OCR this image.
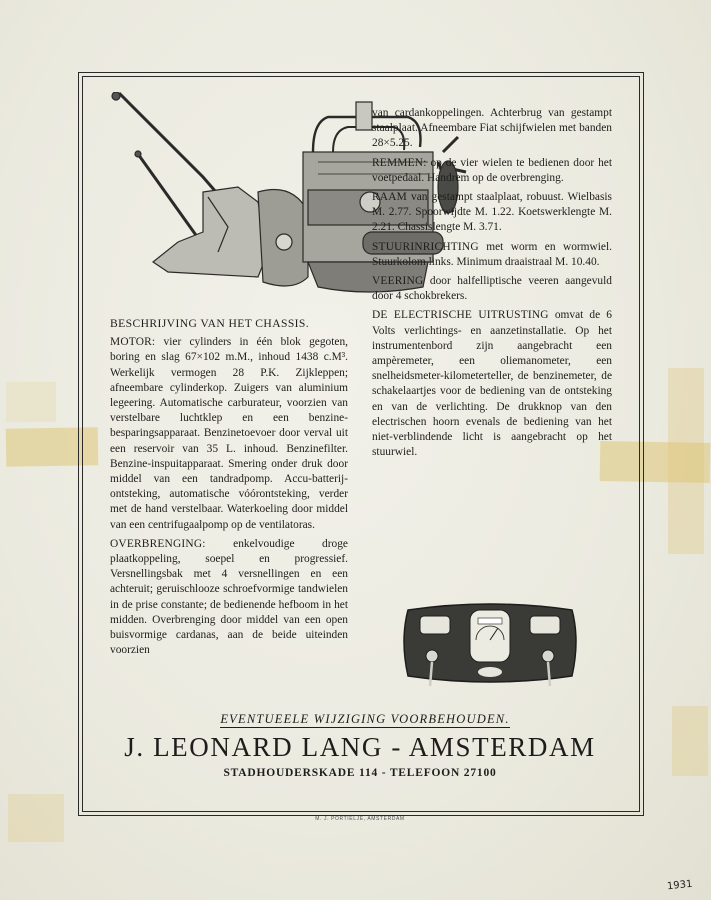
BESCHRIJVING VAN HET CHASSIS.

MOTOR: vier cylinders in één blok gegoten, boring en slag 67×102 m.M., inhoud 1438 c.M³. Werkelijk vermogen 28 P.K. Zijkleppen; afneembare cylinderkop. Zuigers van aluminium legeering. Automatische carburateur, voorzien van verstelbare luchtklep en een benzine-besparingsapparaat. Benzinetoevoer door verval uit een reservoir van 35 L. inhoud. Benzinefilter. Benzine-inspuitapparaat. Smering onder druk door middel van een tandradpomp. Accu-batterij-ontsteking, automatische vóórontsteking, verder met de hand verstelbaar. Waterkoeling door middel van een centrifugaalpomp op de ventilatoras.

OVERBRENGING: enkelvoudige droge plaatkoppeling, soepel en progressief. Versnellingsbak met 4 versnellingen en een achteruit; geruischlooze schroefvormige tandwielen in de prise constante; de bedienende hefboom in het midden. Overbrenging door middel van een open buisvormige cardanas, aan de beide uiteinden voorzien

van cardankoppelingen. Achterbrug van gestampt staalplaat. Afneembare Fiat schijfwielen met banden 28×5.25.

REMMEN: op de vier wielen te bedienen door het voetpedaal. Handrem op de overbrenging.

RAAM van gestampt staalplaat, robuust. Wielbasis M. 2.77. Spoorwijdte M. 1.22. Koetswerklengte M. 2.21. Chassislengte M. 3.71.

STUURINRICHTING met worm en wormwiel. Stuurkolom links. Minimum draaistraal M. 10.40.

VEERING door halfelliptische veeren aangevuld door 4 schokbrekers.

DE ELECTRISCHE UITRUSTING omvat de 6 Volts verlichtings- en aanzetinstallatie. Op het instrumentenbord zijn aangebracht een ampèremeter, een oliemanometer, een snelheidsmeter-kilometerteller, de benzinemeter, de schakelaartjes voor de bediening van de ontsteking en van de verlichting. De drukknop van den electrischen hoorn evenals de bediening van het niet-verblindende licht is aangebracht op het stuurwiel.

EVENTUEELE WIJZIGING VOORBEHOUDEN.
J. LEONARD LANG - AMSTERDAM
STADHOUDERSKADE 114 - TELEFOON 27100
M. J. PORTIELJE, AMSTERDAM
1931
